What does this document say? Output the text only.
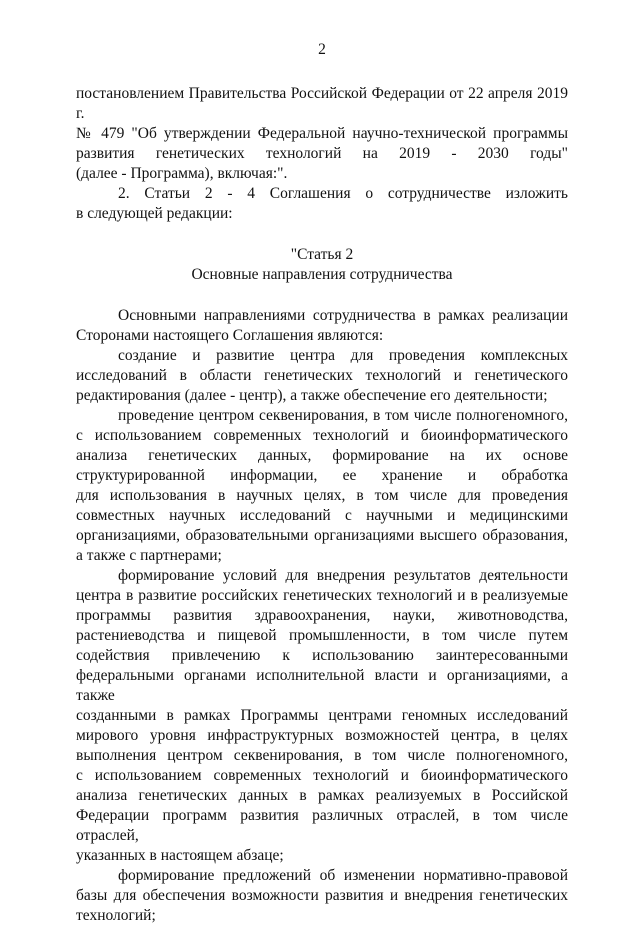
2

постановлением Правительства Российской Федерации от 22 апреля 2019 г.
№ 479 "Об утверждении Федеральной научно-технической программы
развития генетических технологий на 2019 - 2030 годы"
(далее - Программа), включая:".

2. Статьи 2 - 4 Соглашения о сотрудничестве изложить
в следующей редакции:

"Статья 2
Основные направления сотрудничества

Основными направлениями сотрудничества в рамках реализации
Сторонами настоящего Соглашения являются:

создание и развитие центра для проведения комплексных
исследований в области генетических технологий и генетического
редактирования (далее - центр), а также обеспечение его деятельности;

проведение центром секвенирования, в том числе полногеномного,
с использованием современных технологий и биоинформатического
анализа генетических данных, формирование на их основе
структурированной информации, ее хранение и обработка
для использования в научных целях, в том числе для проведения
совместных научных исследований с научными и медицинскими
организациями, образовательными организациями высшего образования,
а также с партнерами;

формирование условий для внедрения результатов деятельности
центра в развитие российских генетических технологий и в реализуемые
программы развития здравоохранения, науки, животноводства,
растениеводства и пищевой промышленности, в том числе путем
содействия привлечению к использованию заинтересованными
федеральными органами исполнительной власти и организациями, а также
созданными в рамках Программы центрами геномных исследований
мирового уровня инфраструктурных возможностей центра, в целях
выполнения центром секвенирования, в том числе полногеномного,
с использованием современных технологий и биоинформатического
анализа генетических данных в рамках реализуемых в Российской
Федерации программ развития различных отраслей, в том числе отраслей,
указанных в настоящем абзаце;

формирование предложений об изменении нормативно-правовой
базы для обеспечения возможности развития и внедрения генетических
технологий;
